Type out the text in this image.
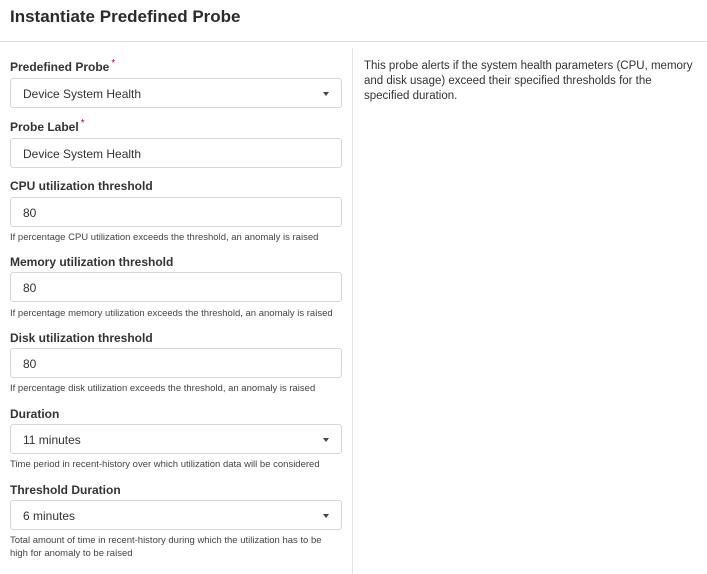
Instantiate Predefined Probe
Predefined Probe *
Device System Health
Probe Label *
Device System Health
CPU utilization threshold
80
If percentage CPU utilization exceeds the threshold, an anomaly is raised
Memory utilization threshold
80
If percentage memory utilization exceeds the threshold, an anomaly is raised
Disk utilization threshold
80
If percentage disk utilization exceeds the threshold, an anomaly is raised
Duration
11 minutes
Time period in recent-history over which utilization data will be considered
Threshold Duration
6 minutes
Total amount of time in recent-history during which the utilization has to be high for anomaly to be raised
This probe alerts if the system health parameters (CPU, memory and disk usage) exceed their specified thresholds for the specified duration.
